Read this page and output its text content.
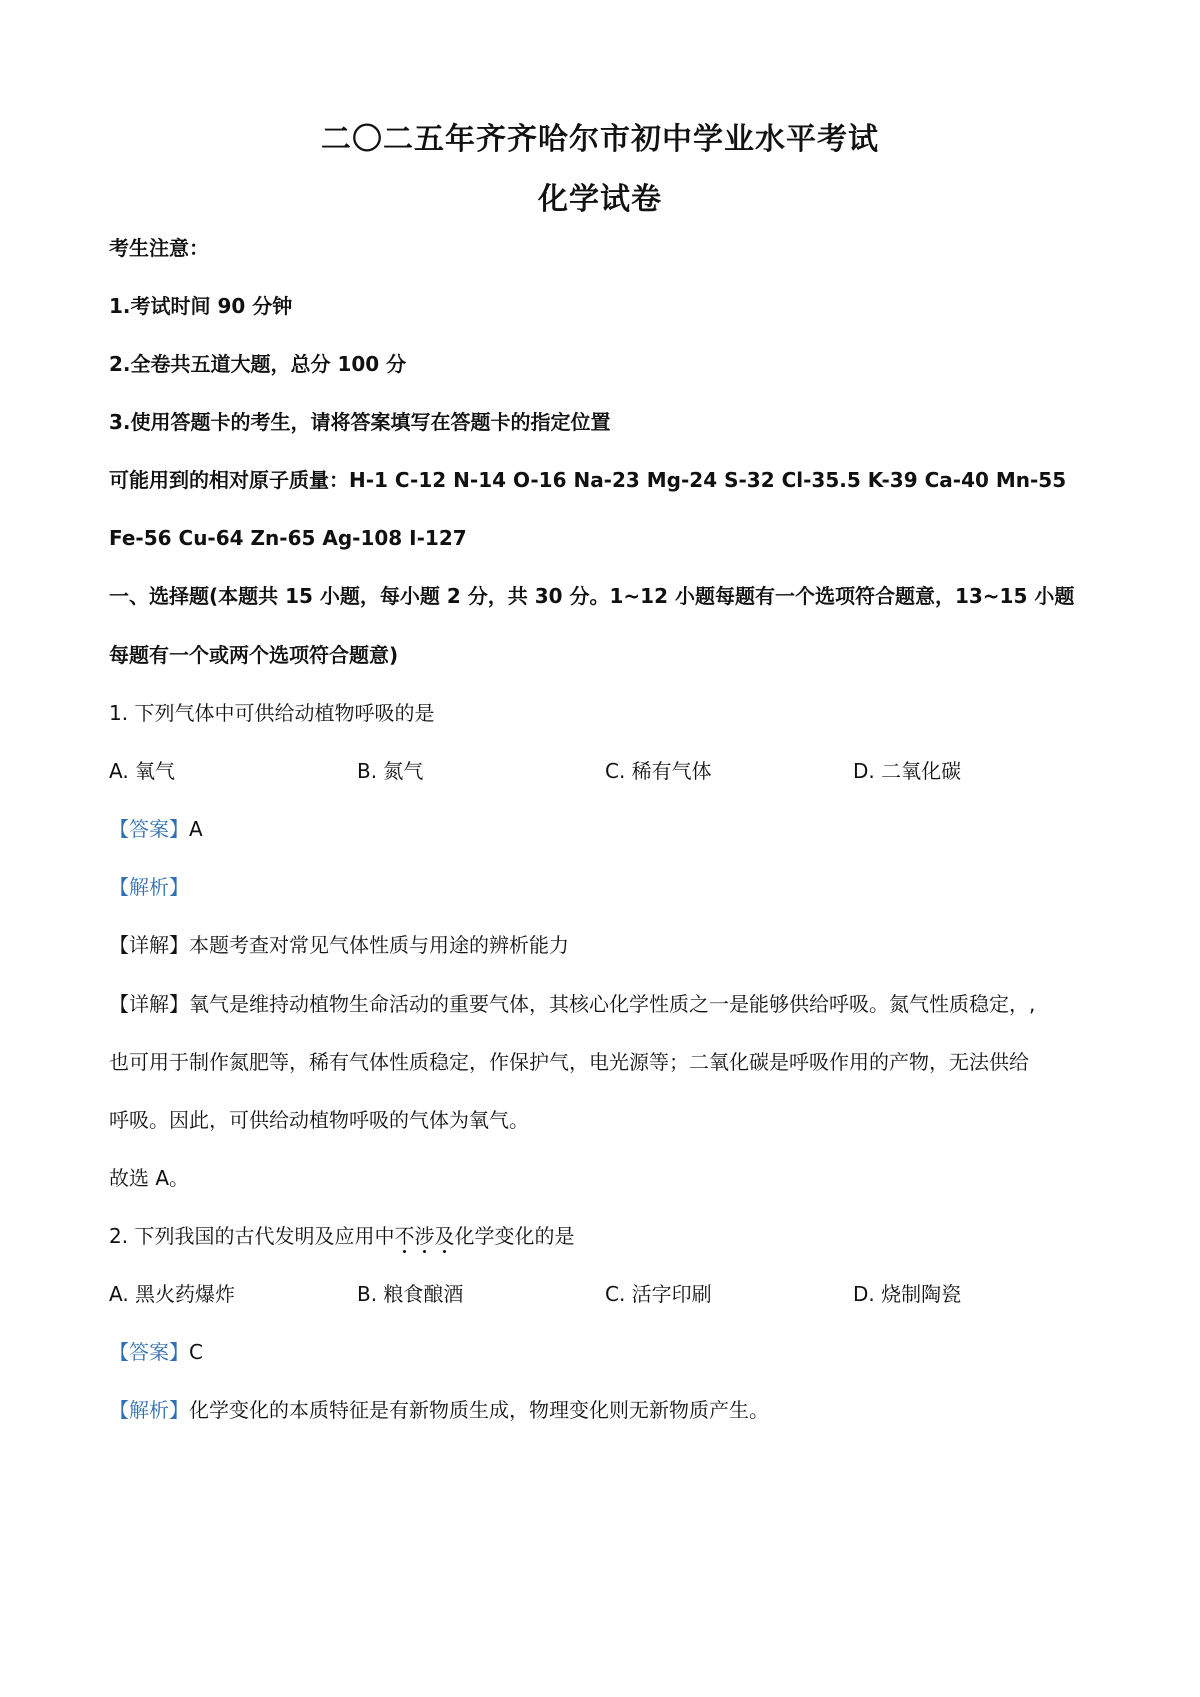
二〇二五年齐齐哈尔市初中学业水平考试
化学试卷
考生注意：
1.考试时间 90 分钟
2.全卷共五道大题，总分 100 分
3.使用答题卡的考生，请将答案填写在答题卡的指定位置
可能用到的相对原子质量：H-1 C-12 N-14 O-16 Na-23 Mg-24 S-32 Cl-35.5 K-39 Ca-40 Mn-55
Fe-56 Cu-64 Zn-65 Ag-108 I-127
一、选择题(本题共 15 小题，每小题 2 分，共 30 分。1~12 小题每题有一个选项符合题意，13~15 小题
每题有一个或两个选项符合题意)
1. 下列气体中可供给动植物呼吸的是
A. 氧气	B. 氮气	C. 稀有气体	D. 二氧化碳
【答案】A
【解析】
【详解】本题考查对常见气体性质与用途的辨析能力
【详解】氧气是维持动植物生命活动的重要气体，其核心化学性质之一是能够供给呼吸。氮气性质稳定，,
也可用于制作氮肥等，稀有气体性质稳定，作保护气，电光源等；二氧化碳是呼吸作用的产物，无法供给
呼吸。因此，可供给动植物呼吸的气体为氧气。
故选 A。
2. 下列我国的古代发明及应用中不涉及化学变化的是
A. 黑火药爆炸	B. 粮食酿酒	C. 活字印刷	D. 烧制陶瓷
【答案】C
【解析】化学变化的本质特征是有新物质生成，物理变化则无新物质产生。
